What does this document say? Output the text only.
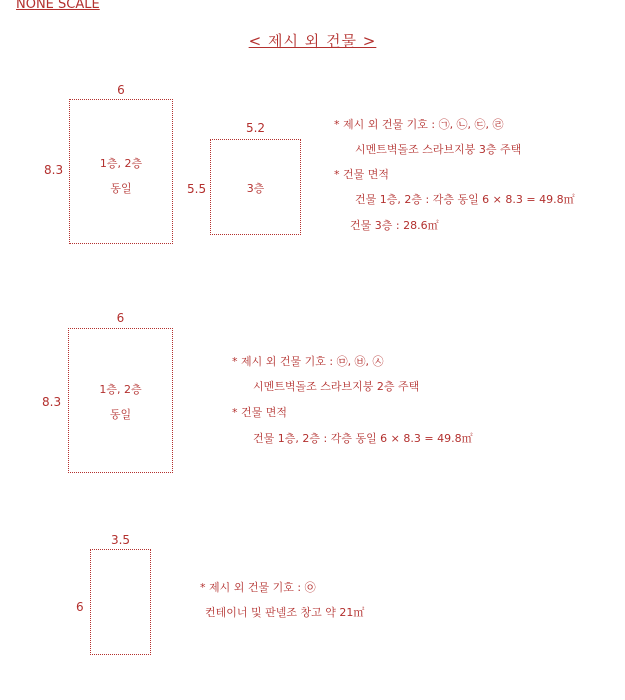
NONE SCALE
< 제시 외 건물 >
6
8.3	1층, 2층
동일
5.2
5.5	3층
* 제시 외 건물 기호 : ㉠, ㉡, ㉢, ㉣
시멘트벽돌조 스라브지붕 3층 주택
* 건물 면적
건물 1층, 2층 : 각층 동일 6 × 8.3 = 49.8㎡
건물 3층 : 28.6㎡
6
8.3
1층, 2층
동일
* 제시 외 건물 기호 : ㉤, ㉥, ㉦
시멘트벽돌조 스라브지붕 2층 주택
* 건물 면적
건물 1층, 2층 : 각층 동일 6 × 8.3 = 49.8㎡
3.5
6
* 제시 외 건물 기호 : ㉧
컨테이너 및 판넬조 창고 약 21㎡
